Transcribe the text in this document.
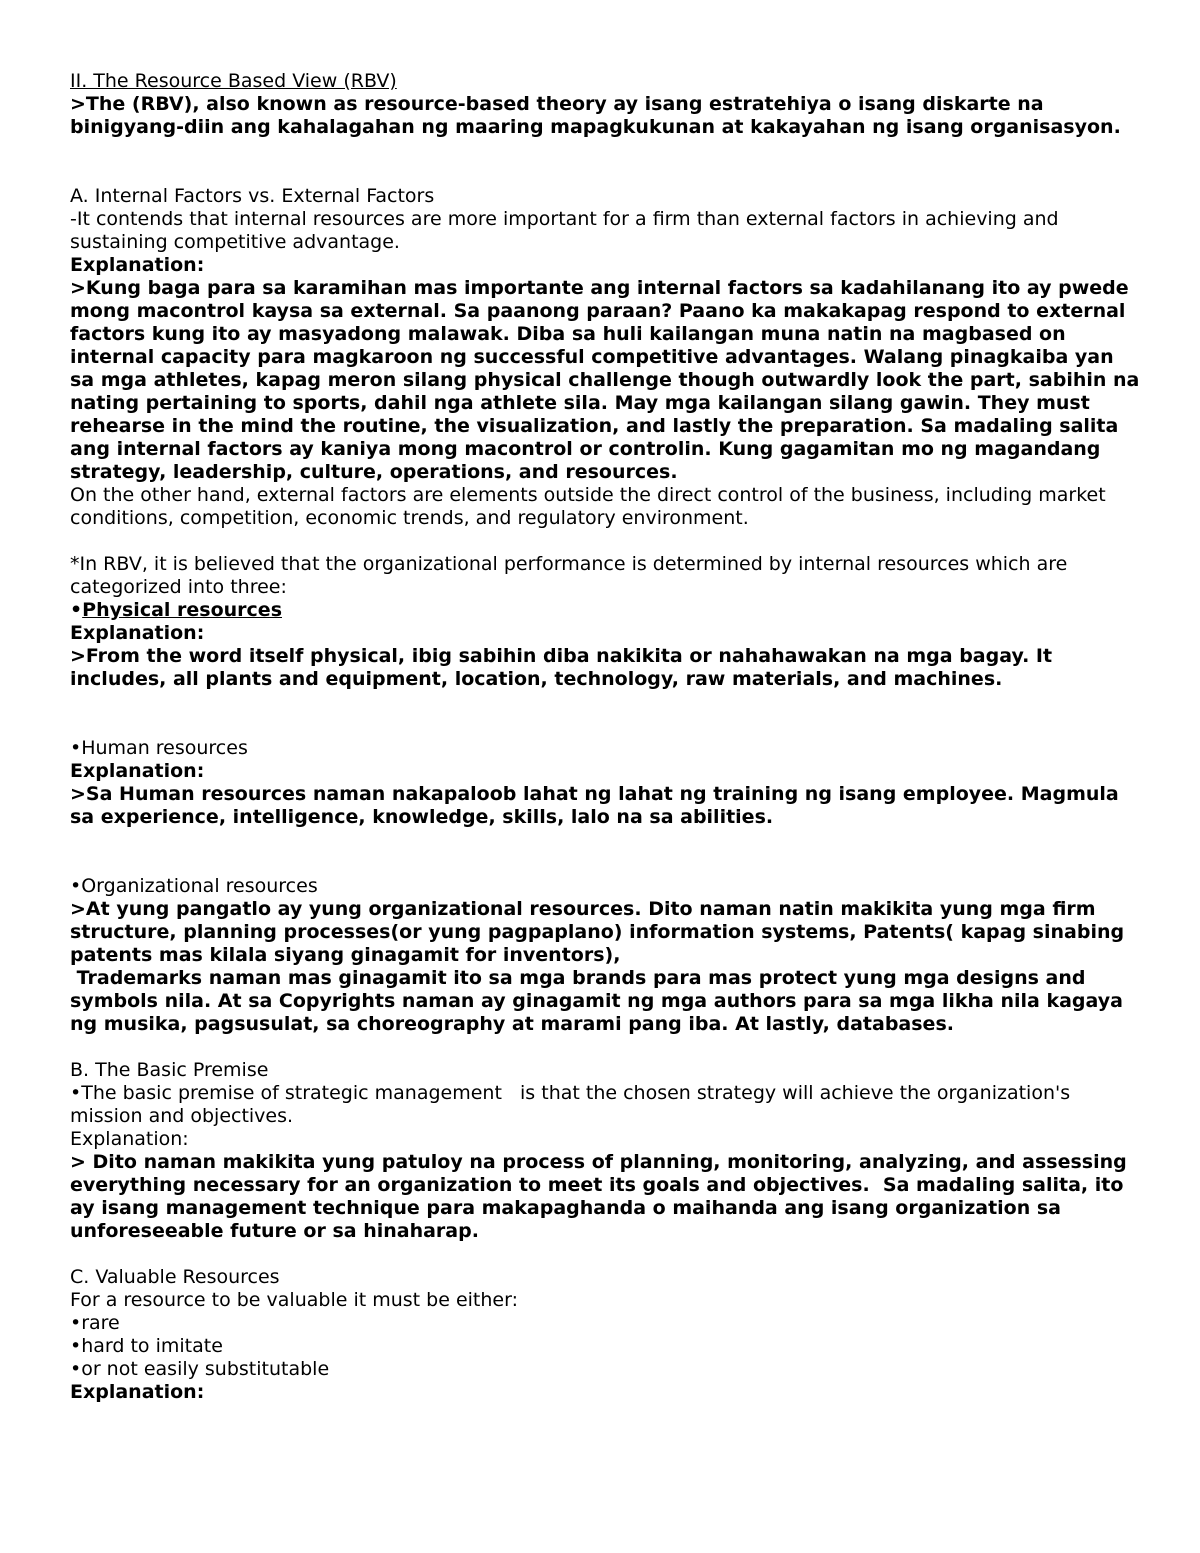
II. The Resource Based View (RBV)

>The (RBV), also known as resource-based theory ay isang estratehiya o isang diskarte na binigyang-diin ang kahalagahan ng maaring mapagkukunan at kakayahan ng isang organisasyon.

A. Internal Factors vs. External Factors

-It contends that internal resources are more important for a firm than external factors in achieving and sustaining competitive advantage.

Explanation:

>Kung baga para sa karamihan mas importante ang internal factors sa kadahilanang ito ay pwede mong macontrol kaysa sa external. Sa paanong paraan? Paano ka makakapag respond to external factors kung ito ay masyadong malawak. Diba sa huli kailangan muna natin na magbased on internal capacity para magkaroon ng successful competitive advantages. Walang pinagkaiba yan sa mga athletes, kapag meron silang physical challenge though outwardly look the part, sabihin na nating pertaining to sports, dahil nga athlete sila. May mga kailangan silang gawin. They must rehearse in the mind the routine, the visualization, and lastly the preparation. Sa madaling salita ang internal factors ay kaniya mong macontrol or controlin. Kung gagamitan mo ng magandang strategy, leadership, culture, operations, and resources.

On the other hand, external factors are elements outside the direct control of the business, including market conditions, competition, economic trends, and regulatory environment.

*In RBV, it is believed that the organizational performance is determined by internal resources which are categorized into three:

•Physical resources

Explanation:

>From the word itself physical, ibig sabihin diba nakikita or nahahawakan na mga bagay. It includes, all plants and equipment, location, technology, raw materials, and machines.

•Human resources

Explanation:

>Sa Human resources naman nakapaloob lahat ng lahat ng training ng isang employee. Magmula sa experience, intelligence, knowledge, skills, lalo na sa abilities.

•Organizational resources

>At yung pangatlo ay yung organizational resources. Dito naman natin makikita yung mga firm structure, planning processes(or yung pagpaplano) information systems, Patents( kapag sinabing patents mas kilala siyang ginagamit for inventors),

Trademarks naman mas ginagamit ito sa mga brands para mas protect yung mga designs and symbols nila. At sa Copyrights naman ay ginagamit ng mga authors para sa mga likha nila kagaya ng musika, pagsusulat, sa choreography at marami pang iba. At lastly, databases.

B. The Basic Premise

•The basic premise of strategic management   is that the chosen strategy will achieve the organization's mission and objectives.

Explanation:

> Dito naman makikita yung patuloy na process of planning, monitoring, analyzing, and assessing everything necessary for an organization to meet its goals and objectives.  Sa madaling salita, ito ay isang management technique para makapaghanda o maihanda ang isang organization sa unforeseeable future or sa hinaharap.

C. Valuable Resources

For a resource to be valuable it must be either:

•rare

•hard to imitate

•or not easily substitutable

Explanation:
